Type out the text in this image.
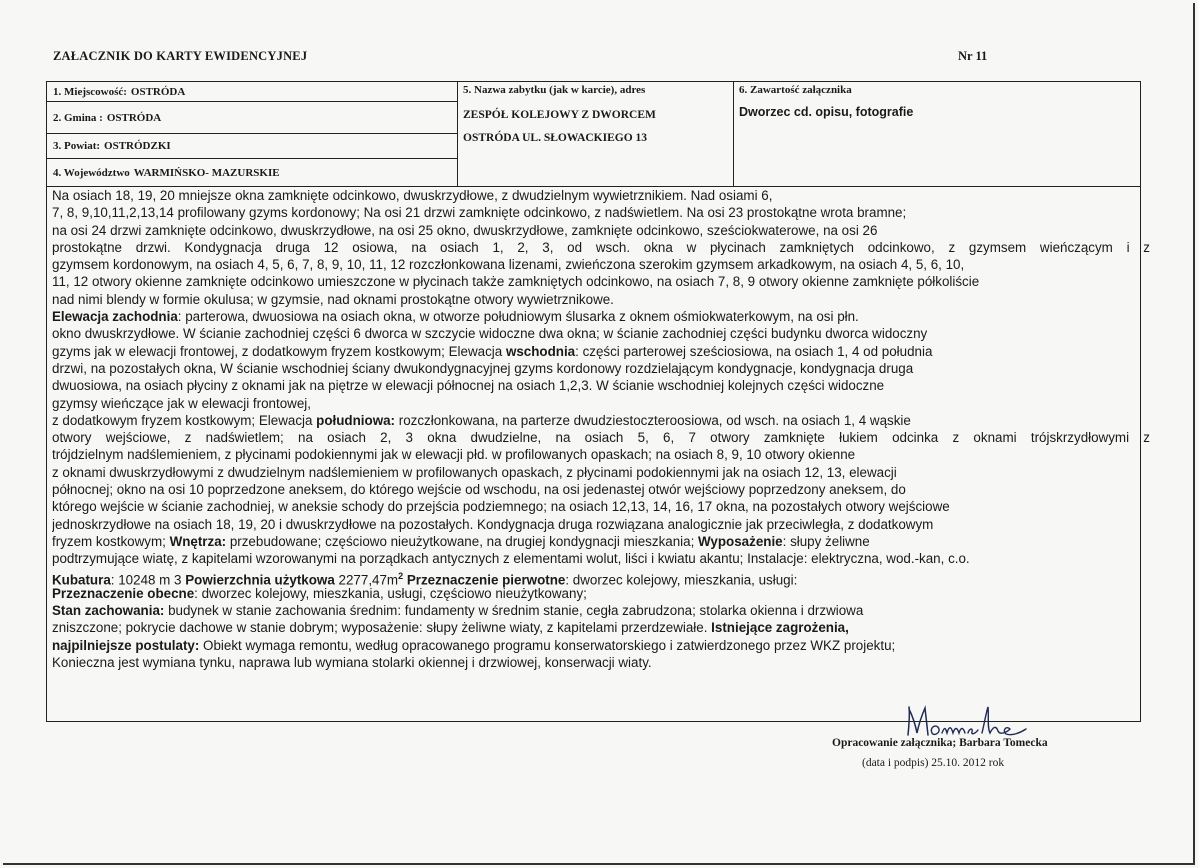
ZAŁACZNIK DO KARTY EWIDENCYJNEJ	Nr 11
1. Miejscowość: OSTRÓDA
2. Gmina : OSTRÓDA
3. Powiat: OSTRÓDZKI
4. Województwo WARMIŃSKO- MAZURSKIE
5. Nazwa zabytku (jak w karcie), adres
ZESPÓŁ KOLEJOWY Z DWORCEM
OSTRÓDA UL. SŁOWACKIEGO 13
6. Zawartość załącznika
Dworzec cd. opisu, fotografie
Na osiach 18, 19, 20 mniejsze okna zamknięte odcinkowo, dwuskrzydłowe, z dwudzielnym wywietrznikiem. Nad osiami 6,
7, 8, 9,10,11,2,13,14 profilowany gzyms kordonowy; Na osi 21 drzwi zamknięte odcinkowo, z nadświetlem. Na osi 23 prostokątne wrota bramne;
na osi 24 drzwi zamknięte odcinkowo, dwuskrzydłowe, na osi 25 okno, dwuskrzydłowe, zamknięte odcinkowo, sześciokwaterowe, na osi 26
prostokątne drzwi. Kondygnacja druga 12 osiowa, na osiach 1, 2, 3, od wsch. okna w płycinach zamkniętych odcinkowo, z gzymsem wieńczącym i z
gzymsem kordonowym, na osiach 4, 5, 6, 7, 8, 9, 10, 11, 12 rozczłonkowana lizenami, zwieńczona szerokim gzymsem arkadkowym, na osiach 4, 5, 6, 10,
11, 12 otwory okienne zamknięte odcinkowo umieszczone w płycinach także zamkniętych odcinkowo, na osiach 7, 8, 9 otwory okienne zamknięte półkoliście
nad nimi blendy w formie okulusa; w gzymsie, nad oknami prostokątne otwory wywietrznikowe.
Elewacja zachodnia: parterowa, dwuosiowa na osiach okna, w otworze południowym ślusarka z oknem ośmiokwaterkowym, na osi płn.
okno dwuskrzydłowe. W ścianie zachodniej części 6 dworca w szczycie widoczne dwa okna; w ścianie zachodniej części budynku dworca widoczny
gzyms jak w elewacji frontowej, z dodatkowym fryzem kostkowym; Elewacja wschodnia: części parterowej sześciosiowa, na osiach 1, 4 od południa
drzwi, na pozostałych okna, W ścianie wschodniej ściany dwukondygnacyjnej gzyms kordonowy rozdzielającym kondygnacje, kondygnacja druga
dwuosiowa, na osiach płyciny z oknami jak na piętrze w elewacji północnej na osiach 1,2,3. W ścianie wschodniej kolejnych części widoczne
gzymsy wieńczące jak w elewacji frontowej,
z dodatkowym fryzem kostkowym; Elewacja południowa: rozczłonkowana, na parterze dwudziestoczteroosiowa, od wsch. na osiach 1, 4 wąskie
otwory wejściowe, z nadświetlem; na osiach 2, 3 okna dwudzielne, na osiach 5, 6, 7 otwory zamknięte łukiem odcinka z oknami trójskrzydłowymi z
trójdzielnym nadślemieniem, z płycinami podokiennymi jak w elewacji płd. w profilowanych opaskach; na osiach 8, 9, 10 otwory okienne
z oknami dwuskrzydłowymi z dwudzielnym nadślemieniem w profilowanych opaskach, z płycinami podokiennymi jak na osiach 12, 13, elewacji
północnej; okno na osi 10 poprzedzone aneksem, do którego wejście od wschodu, na osi jedenastej otwór wejściowy poprzedzony aneksem, do
którego wejście w ścianie zachodniej, w aneksie schody do przejścia podziemnego; na osiach 12,13, 14, 16, 17 okna, na pozostałych otwory wejściowe
jednoskrzydłowe na osiach 18, 19, 20 i dwuskrzydłowe na pozostałych. Kondygnacja druga rozwiązana analogicznie jak przeciwległa, z dodatkowym
fryzem kostkowym; Wnętrza: przebudowane; częściowo nieużytkowane, na drugiej kondygnacji mieszkania; Wyposażenie: słupy żeliwne
podtrzymujące wiatę, z kapitelami wzorowanymi na porządkach antycznych z elementami wolut, liści i kwiatu akantu; Instalacje: elektryczna, wod.-kan, c.o.
Kubatura: 10248 m 3 Powierzchnia użytkowa $2277,47m^2$ Przeznaczenie pierwotne: dworzec kolejowy, mieszkania, usługi:
Przeznaczenie obecne: dworzec kolejowy, mieszkania, usługi, częściowo nieużytkowany;
Stan zachowania: budynek w stanie zachowania średnim: fundamenty w średnim stanie, cegła zabrudzona; stolarka okienna i drzwiowa
zniszczone; pokrycie dachowe w stanie dobrym; wyposażenie: słupy żeliwne wiaty, z kapitelami przerdzewiałe. Istniejące zagrożenia,
najpilniejsze postulaty: Obiekt wymaga remontu, według opracowanego programu konserwatorskiego i zatwierdzonego przez WKZ projektu;
Konieczna jest wymiana tynku, naprawa lub wymiana stolarki okiennej i drzwiowej, konserwacji wiaty.
Opracowanie załącznika; Barbara Tomecka
(data i podpis) 25.10. 2012 rok
